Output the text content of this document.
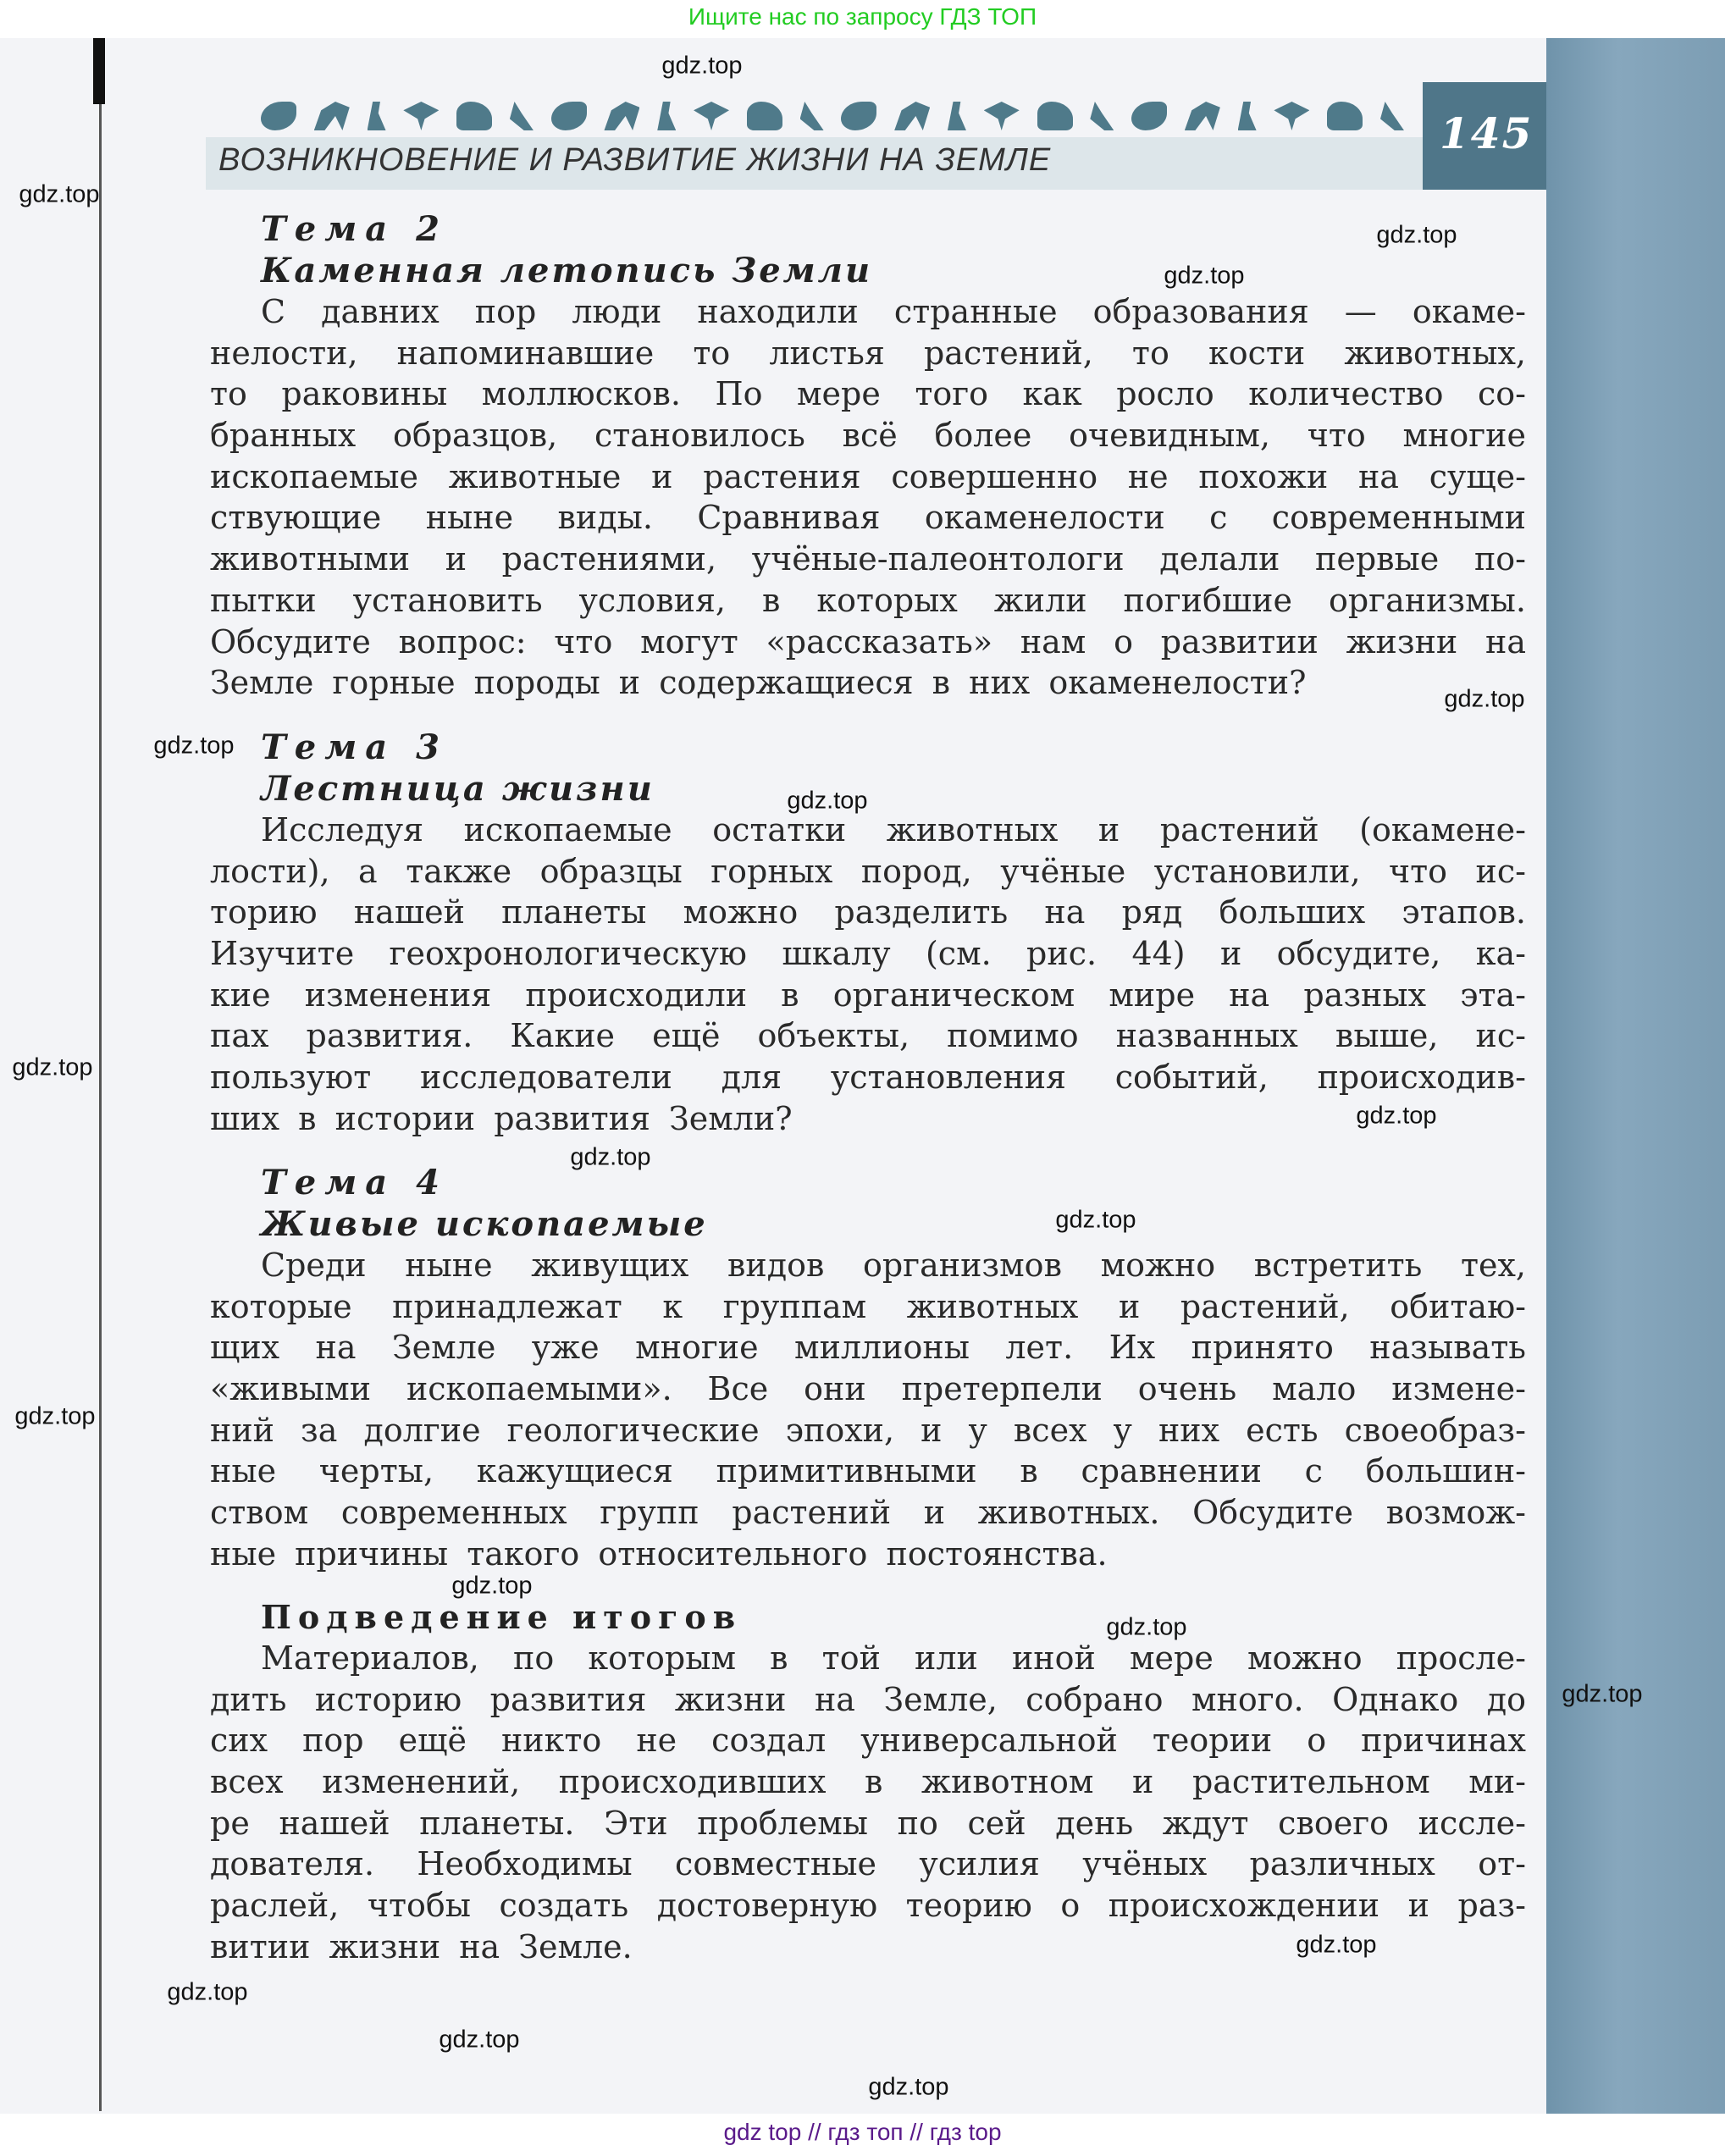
Ищите нас по запросу ГДЗ ТОП
ВОЗНИКНОВЕНИЕ И РАЗВИТИЕ ЖИЗНИ НА ЗЕМЛЕ
145
Тема 2
Каменная летопись Земли
С давних пор люди находили странные образования — окаме-
нелости, напоминавшие то листья растений, то кости животных,
то раковины моллюсков. По мере того как росло количество со-
бранных образцов, становилось всё более очевидным, что многие
ископаемые животные и растения совершенно не похожи на суще-
ствующие ныне виды. Сравнивая окаменелости с современными
животными и растениями, учёные-палеонтологи делали первые по-
пытки установить условия, в которых жили погибшие организмы.
Обсудите вопрос: что могут «рассказать» нам о развитии жизни на
Земле горные породы и содержащиеся в них окаменелости?
Тема 3
Лестница жизни
Исследуя ископаемые остатки животных и растений (окамене-
лости), а также образцы горных пород, учёные установили, что ис-
торию нашей планеты можно разделить на ряд больших этапов.
Изучите геохронологическую шкалу (см. рис. 44) и обсудите, ка-
кие изменения происходили в органическом мире на разных эта-
пах развития. Какие ещё объекты, помимо названных выше, ис-
пользуют исследователи для установления событий, происходив-
ших в истории развития Земли?
Тема 4
Живые ископаемые
Среди ныне живущих видов организмов можно встретить тех,
которые принадлежат к группам животных и растений, обитаю-
щих на Земле уже многие миллионы лет. Их принято называть
«живыми ископаемыми». Все они претерпели очень мало измене-
ний за долгие геологические эпохи, и у всех у них есть своеобраз-
ные черты, кажущиеся примитивными в сравнении с большин-
ством современных групп растений и животных. Обсудите возмож-
ные причины такого относительного постоянства.
Подведение итогов
Материалов, по которым в той или иной мере можно просле-
дить историю развития жизни на Земле, собрано много. Однако до
сих пор ещё никто не создал универсальной теории о причинах
всех изменений, происходивших в животном и растительном ми-
ре нашей планеты. Эти проблемы по сей день ждут своего иссле-
дователя. Необходимы совместные усилия учёных различных от-
раслей, чтобы создать достоверную теорию о происхождении и раз-
витии жизни на Земле.
gdz.top
gdz.top
gdz.top
gdz.top
gdz.top
gdz.top
gdz.top
gdz.top
gdz.top
gdz.top
gdz.top
gdz.top
gdz.top
gdz.top
gdz.top
gdz.top
gdz.top
gdz.top
gdz.top
gdz top // гдз топ // гдз top
